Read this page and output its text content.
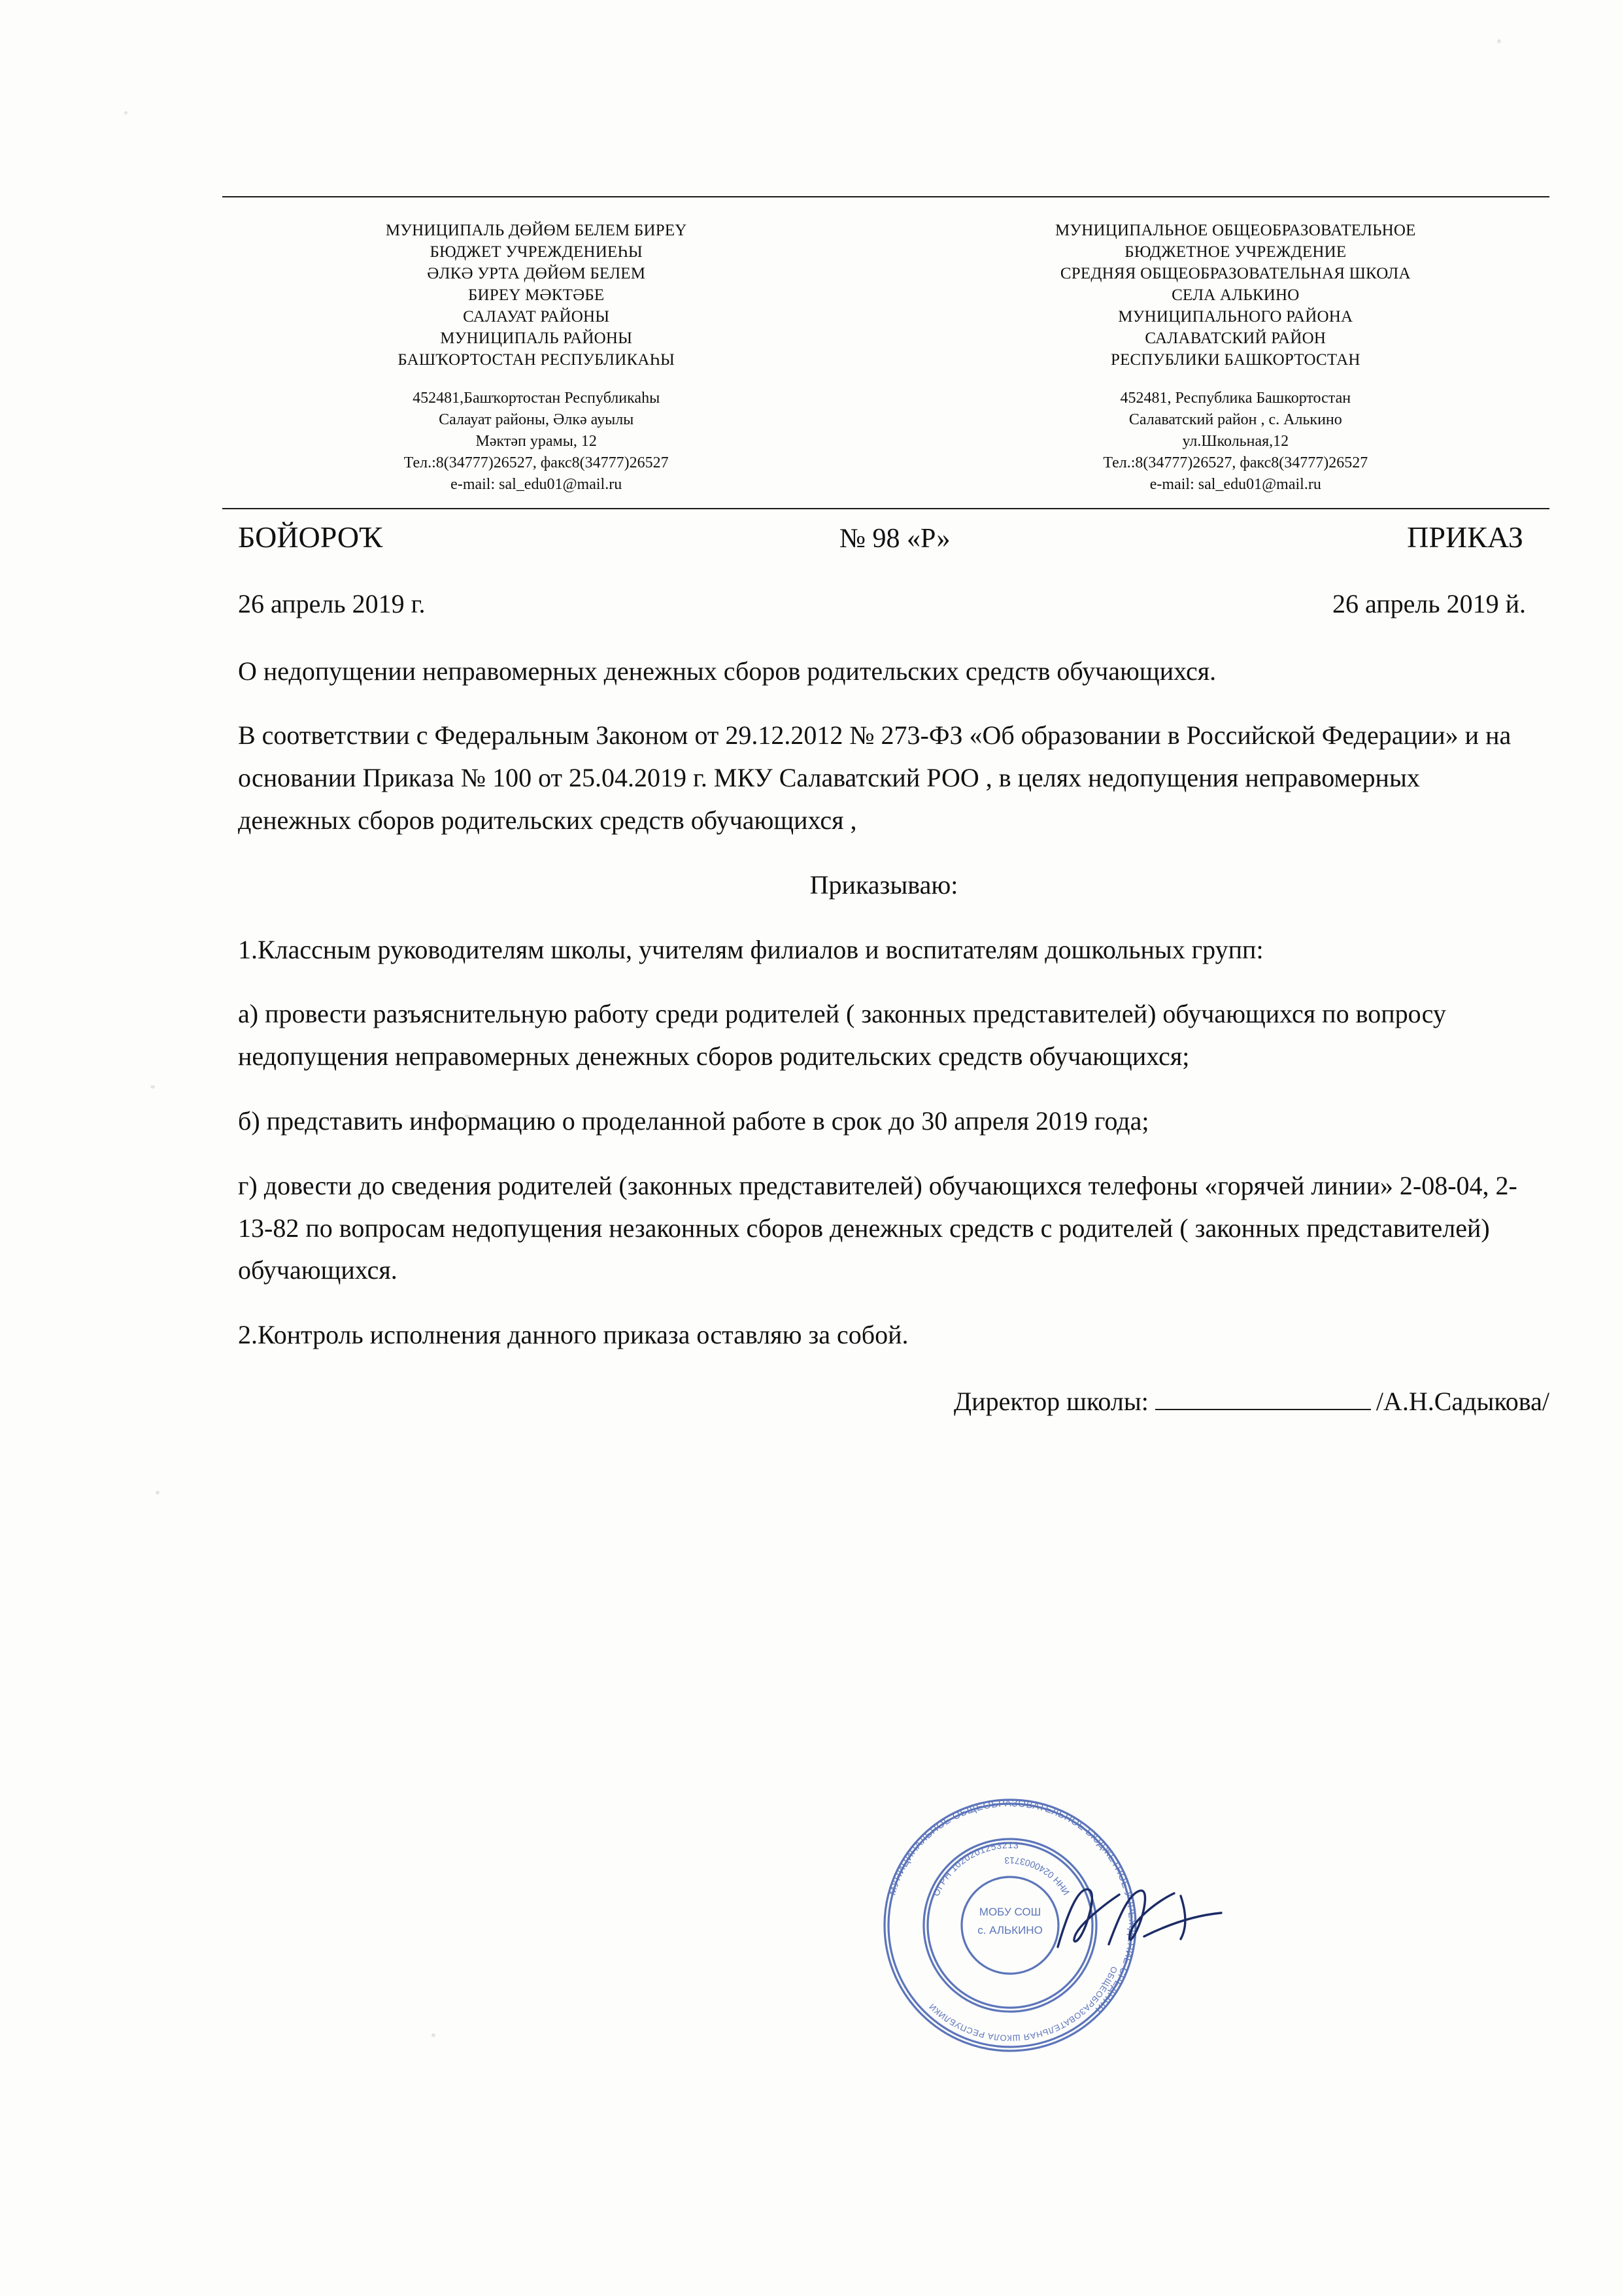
МУНИЦИПАЛЬ ДӨЙӨМ БЕЛЕМ БИРЕҮ
БЮДЖЕТ УЧРЕЖДЕНИЕҺЫ
ӘЛКӘ УРТА ДӨЙӨМ БЕЛЕМ
БИРЕҮ МӘКТӘБЕ
САЛАУАТ РАЙОНЫ
МУНИЦИПАЛЬ РАЙОНЫ
БАШҠОРТОСТАН РЕСПУБЛИКАҺЫ
452481,Башҡортостан Республикаһы
Салауат районы, Әлкә ауылы
Мәктәп урамы, 12
Тел.:8(34777)26527, факс8(34777)26527
e-mail: sal_edu01@mail.ru
МУНИЦИПАЛЬНОЕ ОБЩЕОБРАЗОВАТЕЛЬНОЕ
БЮДЖЕТНОЕ УЧРЕЖДЕНИЕ
СРЕДНЯЯ ОБЩЕОБРАЗОВАТЕЛЬНАЯ ШКОЛА
СЕЛА АЛЬКИНО
МУНИЦИПАЛЬНОГО РАЙОНА
САЛАВАТСКИЙ РАЙОН
РЕСПУБЛИКИ БАШКОРТОСТАН
452481, Республика Башкортостан
Салаватский район , с. Алькино
ул.Школьная,12
Тел.:8(34777)26527, факс8(34777)26527
e-mail: sal_edu01@mail.ru
БОЙОРОҠ	№ 98 «Р»	ПРИКАЗ
26 апрель 2019 г.	26 апрель 2019 й.

О недопущении неправомерных денежных сборов родительских средств обучающихся.

В соответствии с Федеральным Законом от 29.12.2012 № 273-ФЗ «Об образовании в Российской Федерации» и на основании Приказа № 100 от 25.04.2019 г. МКУ Салаватский РОО , в целях недопущения неправомерных денежных сборов родительских средств обучающихся ,

Приказываю:

1.Классным руководителям школы, учителям филиалов и воспитателям дошкольных групп:

а) провести разъяснительную работу среди родителей ( законных представителей) обучающихся по вопросу недопущения неправомерных денежных сборов родительских средств обучающихся;

б) представить информацию о проделанной работе в срок до 30 апреля 2019 года;

г) довести до сведения родителей (законных представителей) обучающихся телефоны «горячей линии» 2-08-04, 2-13-82 по вопросам недопущения незаконных сборов денежных средств с родителей ( законных представителей) обучающихся.

2.Контроль исполнения данного приказа оставляю за собой.

Директор школы:	/А.Н.Садыкова/
МУНИЦИПАЛЬНОЕ ОБЩЕОБРАЗОВАТЕЛЬНОЕ БЮДЖЕТНОЕ УЧРЕЖДЕНИЕ СРЕДНЯЯ
ОБЩЕОБРАЗОВАТЕЛЬНАЯ ШКОЛА РЕСПУБЛИКИ
ОГРН 1020201253213
ИНН 0240003713
МОБУ СОШ
с. АЛЬКИНО
